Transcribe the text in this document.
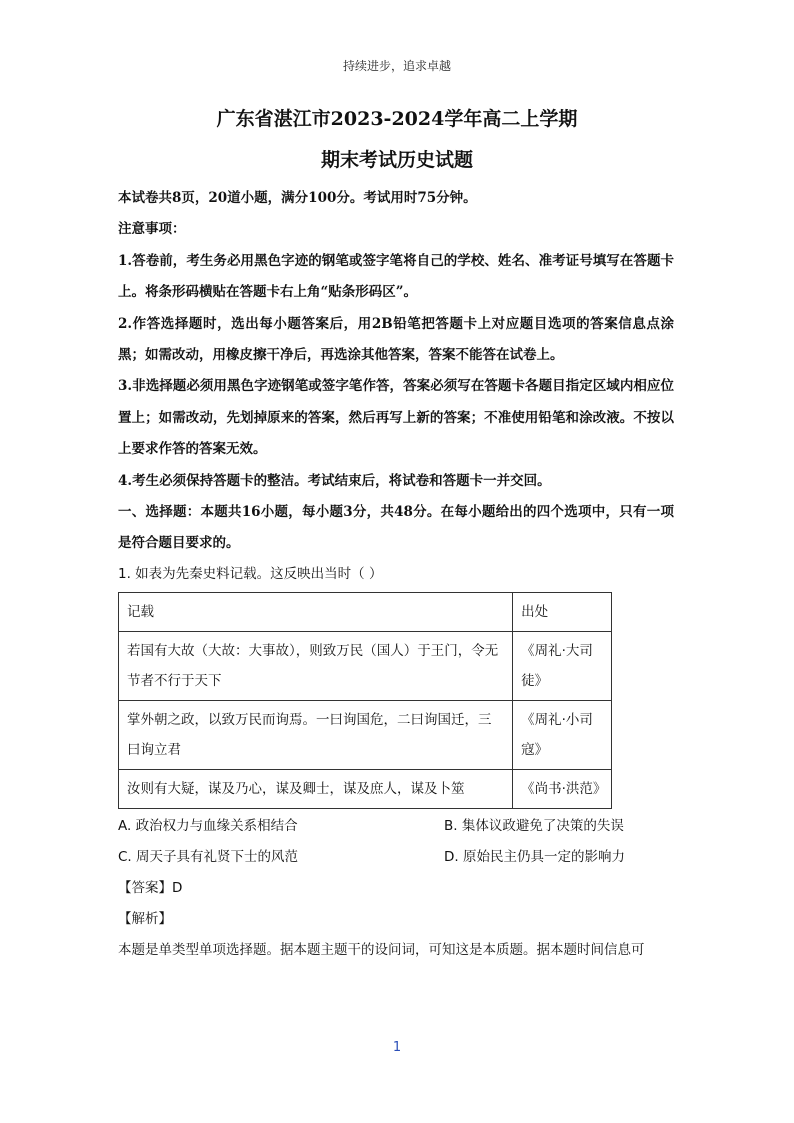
持续进步，追求卓越
广东省湛江市2023-2024学年高二上学期
期末考试历史试题

本试卷共8页，20道小题，满分100分。考试用时75分钟。

注意事项：

1.答卷前，考生务必用黑色字迹的钢笔或签字笔将自己的学校、姓名、准考证号填写在答题卡上。将条形码横贴在答题卡右上角“贴条形码区”。

2.作答选择题时，选出每小题答案后，用2B铅笔把答题卡上对应题目选项的答案信息点涂黑；如需改动，用橡皮擦干净后，再选涂其他答案，答案不能答在试卷上。

3.非选择题必须用黑色字迹钢笔或签字笔作答，答案必须写在答题卡各题目指定区域内相应位置上；如需改动，先划掉原来的答案，然后再写上新的答案；不准使用铅笔和涂改液。不按以上要求作答的答案无效。

4.考生必须保持答题卡的整洁。考试结束后，将试卷和答题卡一并交回。

一、选择题：本题共16小题，每小题3分，共48分。在每小题给出的四个选项中，只有一项是符合题目要求的。

1. 如表为先秦史料记载。这反映出当时（ ）

记载	出处
若国有大故（大故：大事故），则致万民（国人）于王门，令无节者不行于天下	《周礼·大司徒》
掌外朝之政，以致万民而询焉。一曰询国危，二曰询国迁，三曰询立君	《周礼·小司寇》
汝则有大疑，谋及乃心，谋及卿士，谋及庶人，谋及卜筮	《尚书·洪范》
A. 政治权力与血缘关系相结合	B. 集体议政避免了决策的失误
C. 周天子具有礼贤下士的风范	D. 原始民主仍具一定的影响力
【答案】D
【解析】
本题是单类型单项选择题。据本题主题干的设问词，可知这是本质题。据本题时间信息可
1
